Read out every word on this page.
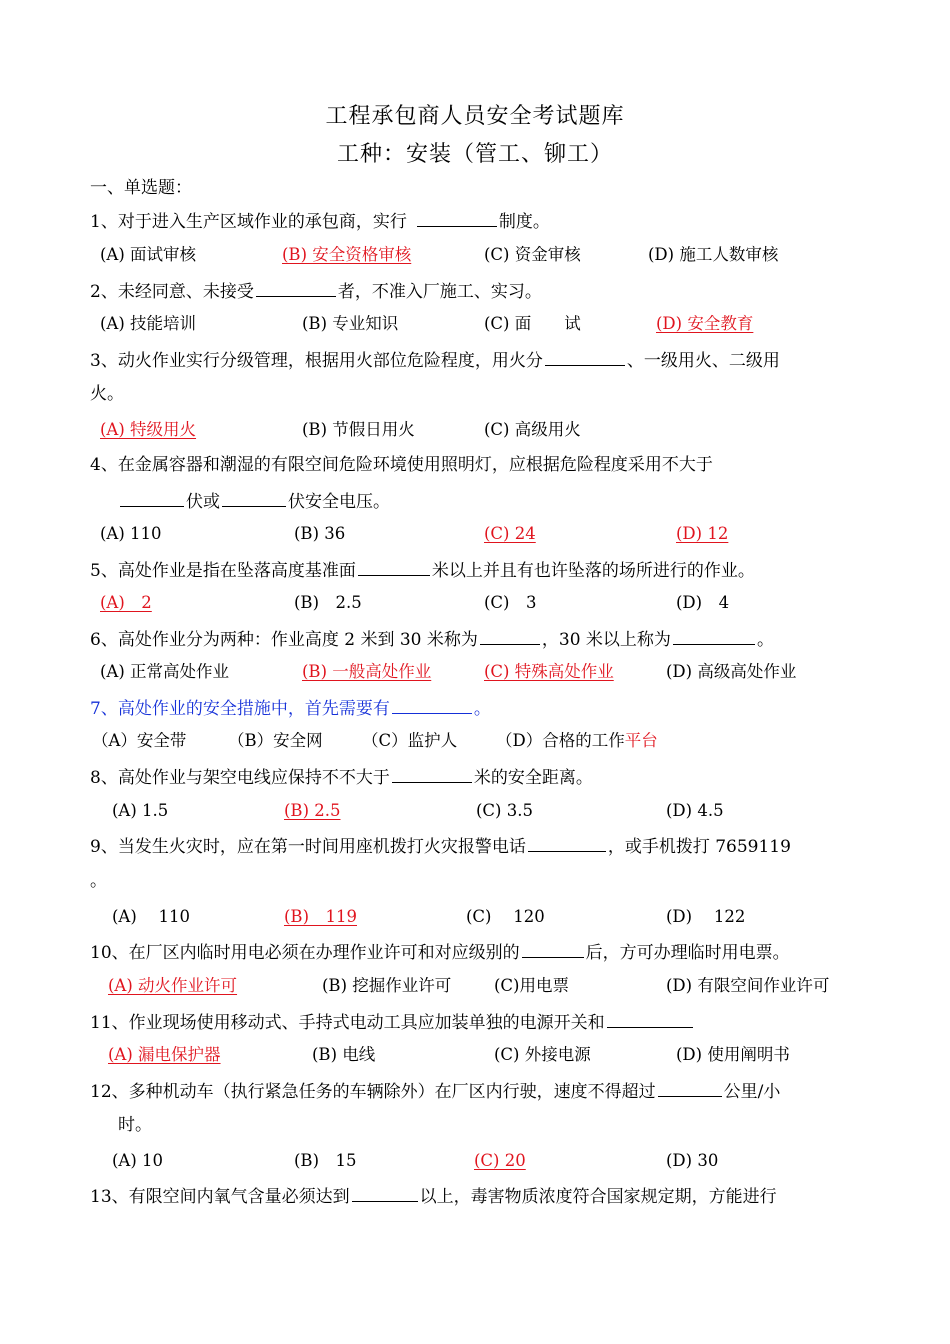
工程承包商人员安全考试题库
工种：安装（管工、铆工）
一、单选题：
1、对于进入生产区域作业的承包商，实行	制度。
(A) 面试审核	(B) 安全资格审核	(C) 资金审核	(D) 施工人数审核
2、未经同意、未接受	者，不准入厂施工、实习。
(A) 技能培训	(B) 专业知识	(C) 面　　试	(D) 安全教育
3、动火作业实行分级管理，根据用火部位危险程度，用火分	、一级用火、二级用
火。
(A) 特级用火	(B) 节假日用火	(C) 高级用火
4、在金属容器和潮湿的有限空间危险环境使用照明灯，应根据危险程度采用不大于
伏或	伏安全电压。
(A) 110	(B) 36	(C) 24	(D) 12
5、高处作业是指在坠落高度基准面	米以上并且有也许坠落的场所进行的作业。
(A)　2	(B)　2.5	(C)　3	(D)　4
6、高处作业分为两种：作业高度 2 米到 30 米称为	，30 米以上称为	。
(A) 正常高处作业	(B) 一般高处作业	(C) 特殊高处作业	(D) 高级高处作业
7、高处作业的安全措施中，首先需要有	。
（A）安全带	（B）安全网 （C）监护人 （D）合格的工作平台
8、高处作业与架空电线应保持不不大于	米的安全距离。
(A) 1.5	(B) 2.5	(C) 3.5	(D) 4.5
9、当发生火灾时，应在第一时间用座机拨打火灾报警电话	，或手机拨打 7659119
。
(A)　 110	(B)　119	(C)　 120	(D)　 122
10、在厂区内临时用电必须在办理作业许可和对应级别的	后，方可办理临时用电票。
(A) 动火作业许可	(B) 挖掘作业许可	(C)用电票	(D) 有限空间作业许可
11、作业现场使用移动式、手持式电动工具应加装单独的电源开关和
(A) 漏电保护器	(B) 电线	(C) 外接电源	(D) 使用阐明书
12、多种机动车（执行紧急任务的车辆除外）在厂区内行驶，速度不得超过	公里/小
时。
(A) 10	(B)　15	(C) 20	(D) 30
13、有限空间内氧气含量必须达到	以上，毒害物质浓度符合国家规定期，方能进行
